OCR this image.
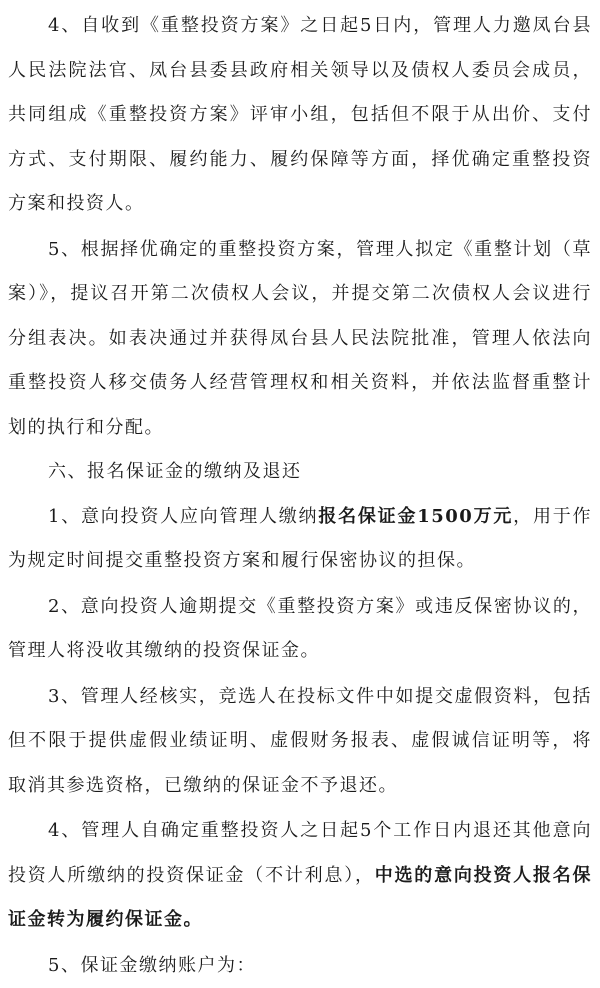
4、自收到《重整投资方案》之日起5日内，管理人力邀凤台县人民法院法官、凤台县委县政府相关领导以及债权人委员会成员，共同组成《重整投资方案》评审小组，包括但不限于从出价、支付方式、支付期限、履约能力、履约保障等方面，择优确定重整投资方案和投资人。

5、根据择优确定的重整投资方案，管理人拟定《重整计划（草案）》，提议召开第二次债权人会议，并提交第二次债权人会议进行分组表决。如表决通过并获得凤台县人民法院批准，管理人依法向重整投资人移交债务人经营管理权和相关资料，并依法监督重整计划的执行和分配。

六、报名保证金的缴纳及退还

1、意向投资人应向管理人缴纳报名保证金1500万元，用于作为规定时间提交重整投资方案和履行保密协议的担保。

2、意向投资人逾期提交《重整投资方案》或违反保密协议的，管理人将没收其缴纳的投资保证金。

3、管理人经核实，竞选人在投标文件中如提交虚假资料，包括但不限于提供虚假业绩证明、虚假财务报表、虚假诚信证明等，将取消其参选资格，已缴纳的保证金不予退还。

4、管理人自确定重整投资人之日起5个工作日内退还其他意向投资人所缴纳的投资保证金（不计利息），中选的意向投资人报名保证金转为履约保证金。

5、保证金缴纳账户为：
